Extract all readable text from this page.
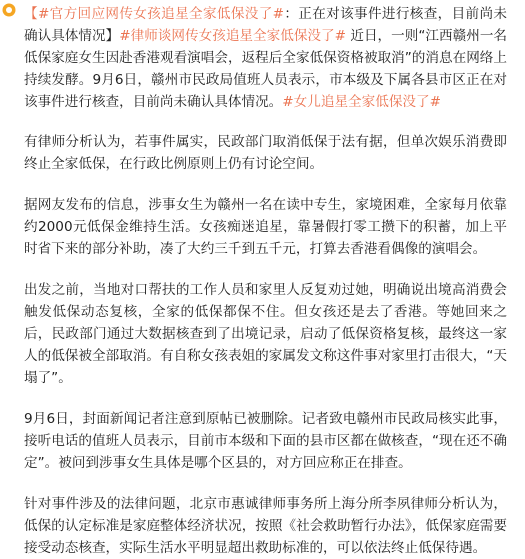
【#官方回应网传女孩追星全家低保没了#：正在对该事件进行核查，目前尚未确认具体情况】#律师谈网传女孩追星全家低保没了# 近日，一则“江西赣州一名低保家庭女生因赴香港观看演唱会，返程后全家低保资格被取消”的消息在网络上持续发酵。9月6日，赣州市民政局值班人员表示，市本级及下属各县市区正在对该事件进行核查，目前尚未确认具体情况。#女儿追星全家低保没了#

有律师分析认为，若事件属实，民政部门取消低保于法有据，但单次娱乐消费即终止全家低保，在行政比例原则上仍有讨论空间。

据网友发布的信息，涉事女生为赣州一名在读中专生，家境困难，全家每月依靠约2000元低保金维持生活。女孩痴迷追星，靠暑假打零工攒下的积蓄，加上平时省下来的部分补助，凑了大约三千到五千元，打算去香港看偶像的演唱会。

出发之前，当地对口帮扶的工作人员和家里人反复劝过她，明确说出境高消费会触发低保动态复核，全家的低保都保不住。但女孩还是去了香港。等她回来之后，民政部门通过大数据核查到了出境记录，启动了低保资格复核，最终这一家人的低保被全部取消。有自称女孩表姐的家属发文称这件事对家里打击很大，“天塌了”。

9月6日，封面新闻记者注意到原帖已被删除。记者致电赣州市民政局核实此事，接听电话的值班人员表示，目前市本级和下面的县市区都在做核查，“现在还不确定”。被问到涉事女生具体是哪个区县的，对方回应称正在排查。

针对事件涉及的法律问题，北京市惠诚律师事务所上海分所李夙律师分析认为，低保的认定标准是家庭整体经济状况，按照《社会救助暂行办法》，低保家庭需要接受动态核查，实际生活水平明显超出救助标准的，可以依法终止低保待遇。
